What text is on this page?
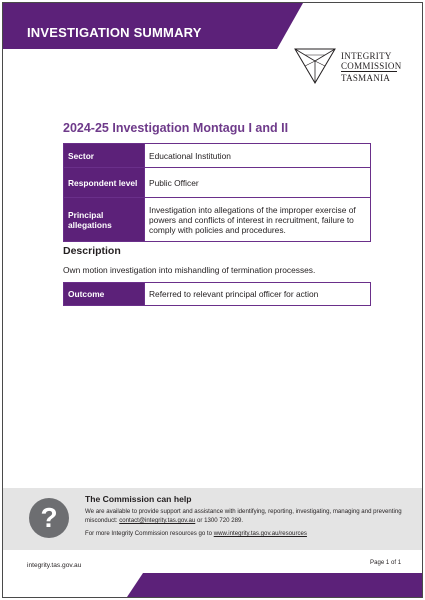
INVESTIGATION SUMMARY
INTEGRITY
COMMISSION
TASMANIA
2024-25 Investigation Montagu I and II
Sector	Educational Institution
Respondent level	Public Officer
Principal allegations	Investigation into allegations of the improper exercise of powers and conflicts of interest in recruitment, failure to comply with policies and procedures.
Description

Own motion investigation into mishandling of termination processes.

Outcome	Referred to relevant principal officer for action
?
The Commission can help
We are available to provide support and assistance with identifying, reporting, investigating, managing and preventing misconduct: contact@integrity.tas.gov.au or 1300 720 289.
For more Integrity Commission resources go to www.integrity.tas.gov.au/resources
integrity.tas.gov.au	Page 1 of 1
